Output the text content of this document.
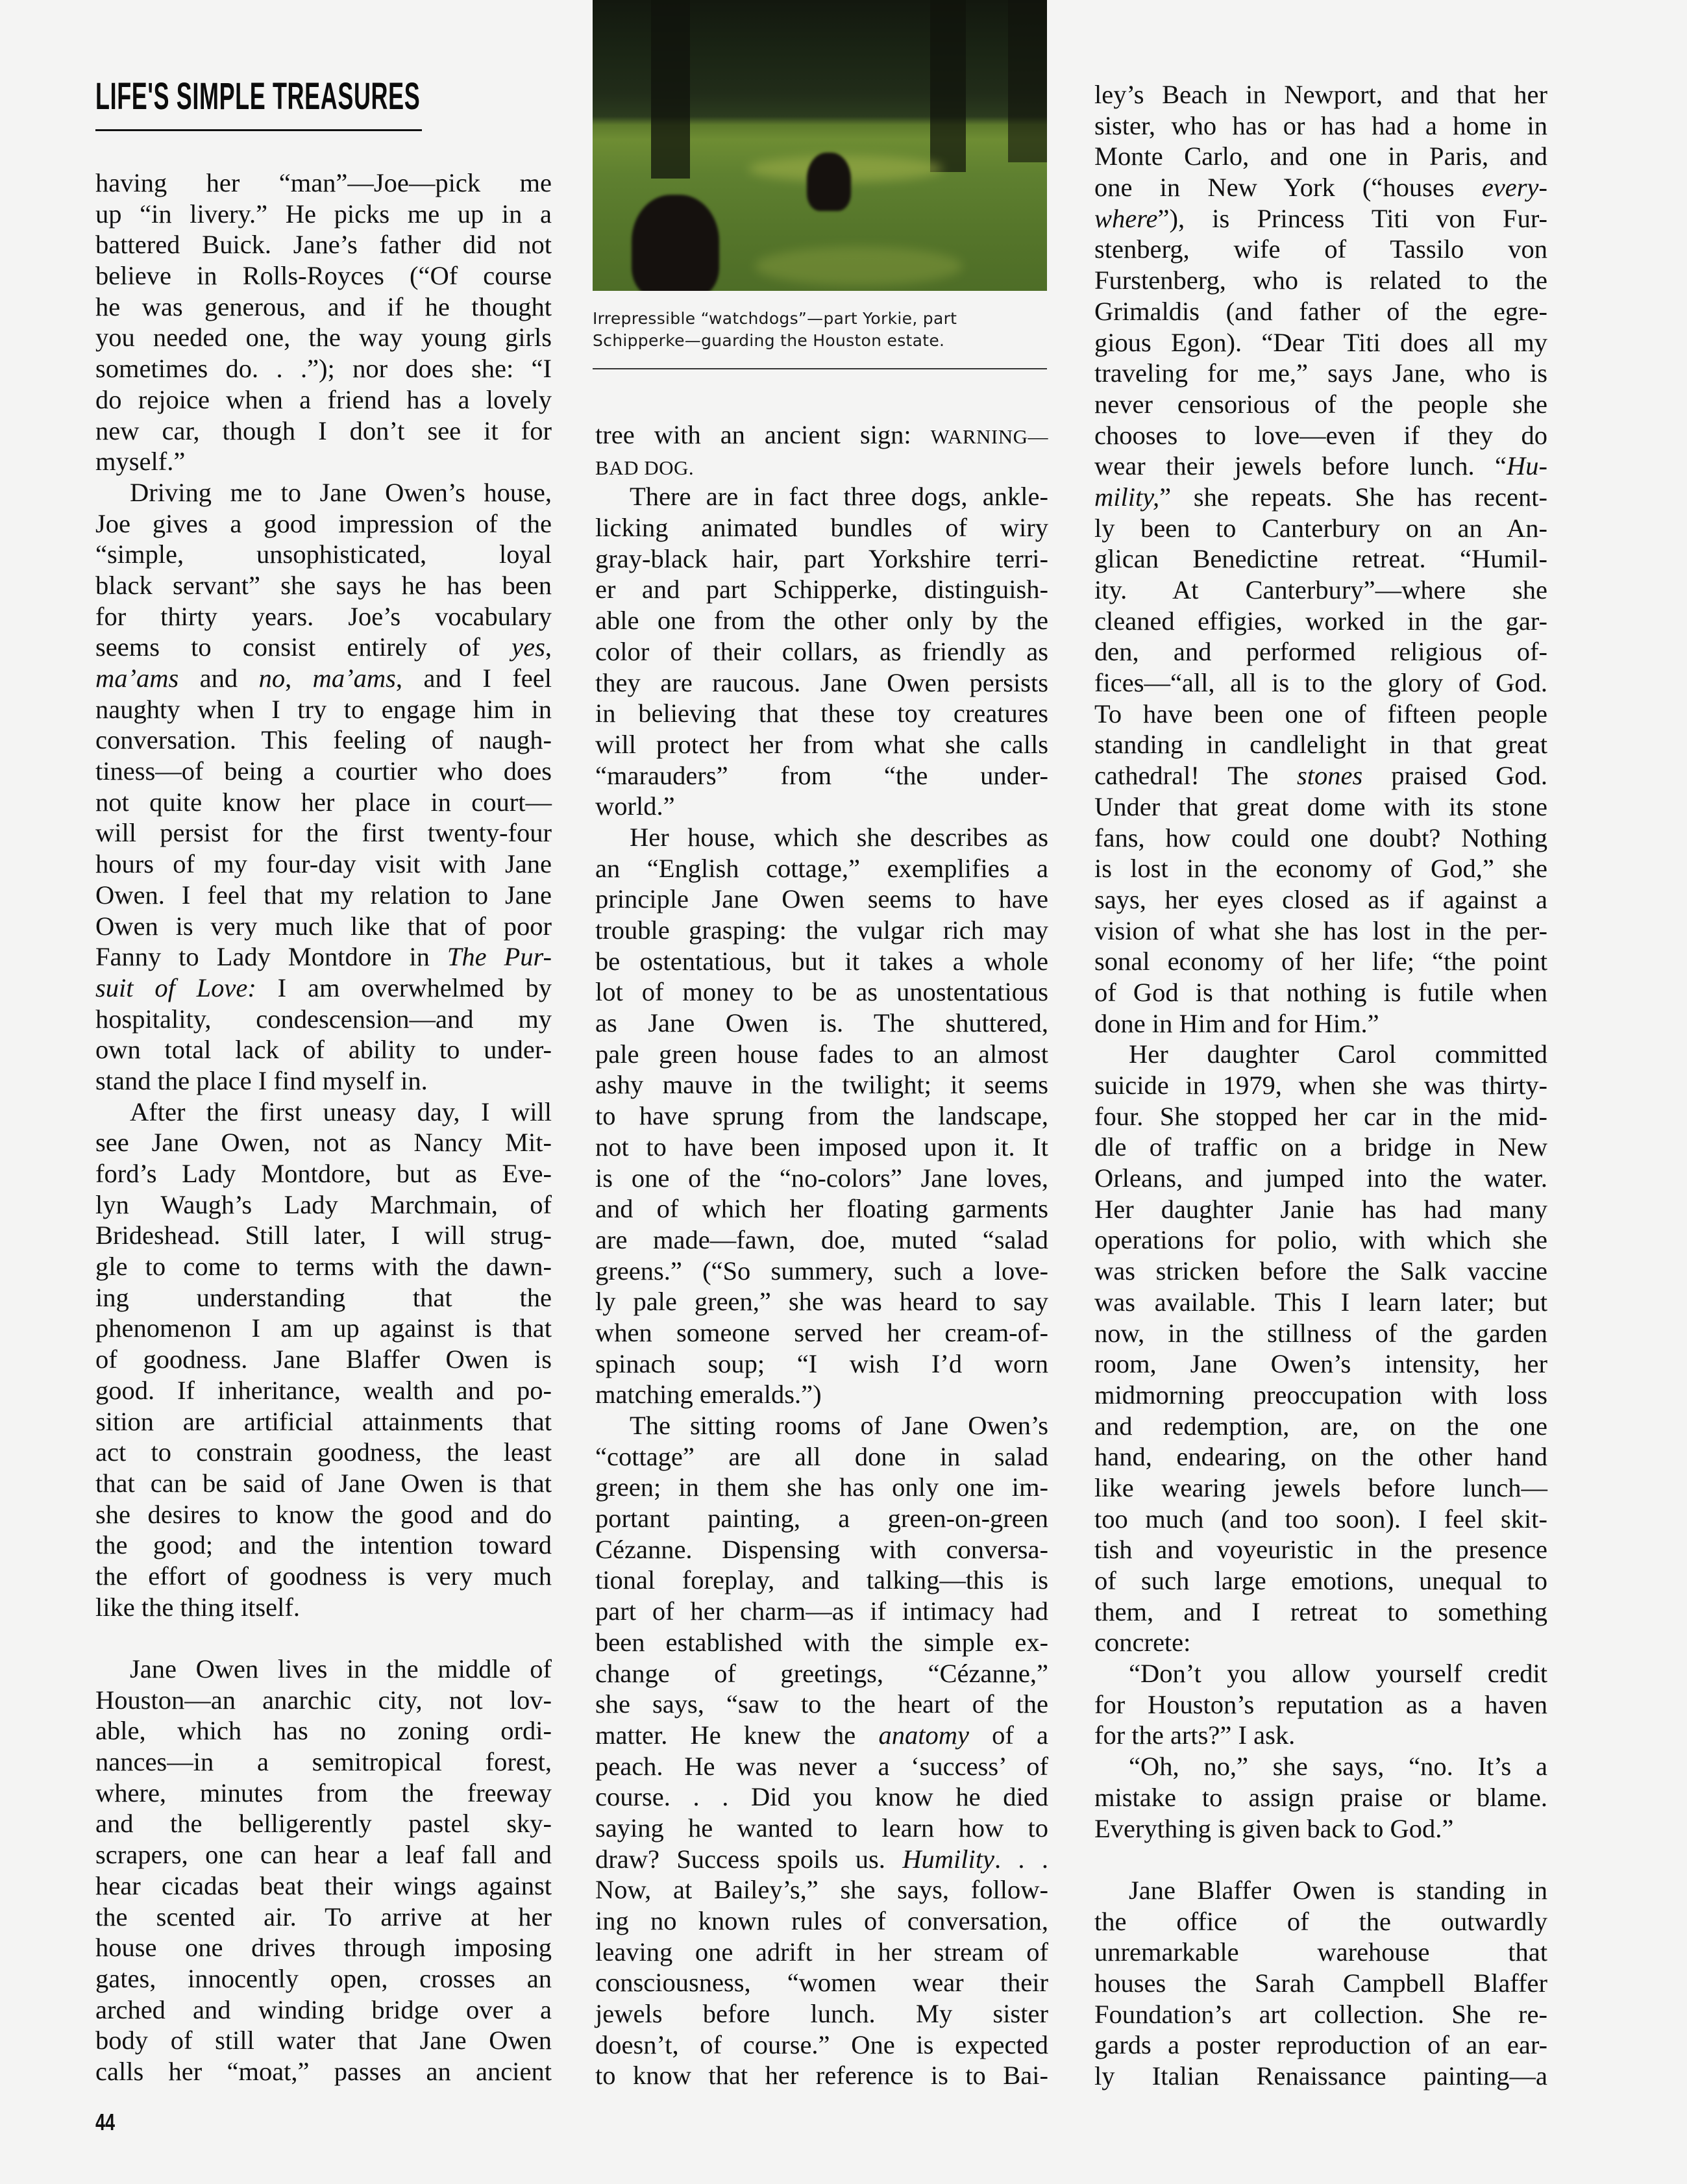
LIFE'S SIMPLE TREASURES
Irrepressible “watchdogs”—part Yorkie, part
Schipperke—guarding the Houston estate.
having her “man”—Joe—pick me
up “in livery.” He picks me up in a
battered Buick. Jane’s father did not
believe in Rolls-Royces (“Of course
he was generous, and if he thought
you needed one, the way young girls
sometimes do. . .”); nor does she: “I
do rejoice when a friend has a lovely
new car, though I don’t see it for
myself.”
Driving me to Jane Owen’s house,
Joe gives a good impression of the
“simple, unsophisticated, loyal
black servant” she says he has been
for thirty years. Joe’s vocabulary
seems to consist entirely of yes,
ma’ams and no, ma’ams, and I feel
naughty when I try to engage him in
conversation. This feeling of naugh-
tiness—of being a courtier who does
not quite know her place in court—
will persist for the first twenty-four
hours of my four-day visit with Jane
Owen. I feel that my relation to Jane
Owen is very much like that of poor
Fanny to Lady Montdore in The Pur-
suit of Love: I am overwhelmed by
hospitality, condescension—and my
own total lack of ability to under-
stand the place I find myself in.
After the first uneasy day, I will
see Jane Owen, not as Nancy Mit-
ford’s Lady Montdore, but as Eve-
lyn Waugh’s Lady Marchmain, of
Brideshead. Still later, I will strug-
gle to come to terms with the dawn-
ing understanding that the
phenomenon I am up against is that
of goodness. Jane Blaffer Owen is
good. If inheritance, wealth and po-
sition are artificial attainments that
act to constrain goodness, the least
that can be said of Jane Owen is that
she desires to know the good and do
the good; and the intention toward
the effort of goodness is very much
like the thing itself.
Jane Owen lives in the middle of
Houston—an anarchic city, not lov-
able, which has no zoning ordi-
nances—in a semitropical forest,
where, minutes from the freeway
and the belligerently pastel sky-
scrapers, one can hear a leaf fall and
hear cicadas beat their wings against
the scented air. To arrive at her
house one drives through imposing
gates, innocently open, crosses an
arched and winding bridge over a
body of still water that Jane Owen
calls her “moat,” passes an ancient
tree with an ancient sign: WARNING—
BAD DOG.
There are in fact three dogs, ankle-
licking animated bundles of wiry
gray-black hair, part Yorkshire terri-
er and part Schipperke, distinguish-
able one from the other only by the
color of their collars, as friendly as
they are raucous. Jane Owen persists
in believing that these toy creatures
will protect her from what she calls
“marauders” from “the under-
world.”
Her house, which she describes as
an “English cottage,” exemplifies a
principle Jane Owen seems to have
trouble grasping: the vulgar rich may
be ostentatious, but it takes a whole
lot of money to be as unostentatious
as Jane Owen is. The shuttered,
pale green house fades to an almost
ashy mauve in the twilight; it seems
to have sprung from the landscape,
not to have been imposed upon it. It
is one of the “no-colors” Jane loves,
and of which her floating garments
are made—fawn, doe, muted “salad
greens.” (“So summery, such a love-
ly pale green,” she was heard to say
when someone served her cream-of-
spinach soup; “I wish I’d worn
matching emeralds.”)
The sitting rooms of Jane Owen’s
“cottage” are all done in salad
green; in them she has only one im-
portant painting, a green-on-green
Cézanne. Dispensing with conversa-
tional foreplay, and talking—this is
part of her charm—as if intimacy had
been established with the simple ex-
change of greetings, “Cézanne,”
she says, “saw to the heart of the
matter. He knew the anatomy of a
peach. He was never a ‘success’ of
course. . . Did you know he died
saying he wanted to learn how to
draw? Success spoils us. Humility. . .
Now, at Bailey’s,” she says, follow-
ing no known rules of conversation,
leaving one adrift in her stream of
consciousness, “women wear their
jewels before lunch. My sister
doesn’t, of course.” One is expected
to know that her reference is to Bai-
ley’s Beach in Newport, and that her
sister, who has or has had a home in
Monte Carlo, and one in Paris, and
one in New York (“houses every-
where”), is Princess Titi von Fur-
stenberg, wife of Tassilo von
Furstenberg, who is related to the
Grimaldis (and father of the egre-
gious Egon). “Dear Titi does all my
traveling for me,” says Jane, who is
never censorious of the people she
chooses to love—even if they do
wear their jewels before lunch. “Hu-
mility,” she repeats. She has recent-
ly been to Canterbury on an An-
glican Benedictine retreat. “Humil-
ity. At Canterbury”—where she
cleaned effigies, worked in the gar-
den, and performed religious of-
fices—“all, all is to the glory of God.
To have been one of fifteen people
standing in candlelight in that great
cathedral! The stones praised God.
Under that great dome with its stone
fans, how could one doubt? Nothing
is lost in the economy of God,” she
says, her eyes closed as if against a
vision of what she has lost in the per-
sonal economy of her life; “the point
of God is that nothing is futile when
done in Him and for Him.”
Her daughter Carol committed
suicide in 1979, when she was thirty-
four. She stopped her car in the mid-
dle of traffic on a bridge in New
Orleans, and jumped into the water.
Her daughter Janie has had many
operations for polio, with which she
was stricken before the Salk vaccine
was available. This I learn later; but
now, in the stillness of the garden
room, Jane Owen’s intensity, her
midmorning preoccupation with loss
and redemption, are, on the one
hand, endearing, on the other hand
like wearing jewels before lunch—
too much (and too soon). I feel skit-
tish and voyeuristic in the presence
of such large emotions, unequal to
them, and I retreat to something
concrete:
“Don’t you allow yourself credit
for Houston’s reputation as a haven
for the arts?” I ask.
“Oh, no,” she says, “no. It’s a
mistake to assign praise or blame.
Everything is given back to God.”
Jane Blaffer Owen is standing in
the office of the outwardly
unremarkable warehouse that
houses the Sarah Campbell Blaffer
Foundation’s art collection. She re-
gards a poster reproduction of an ear-
ly Italian Renaissance painting—a
44
